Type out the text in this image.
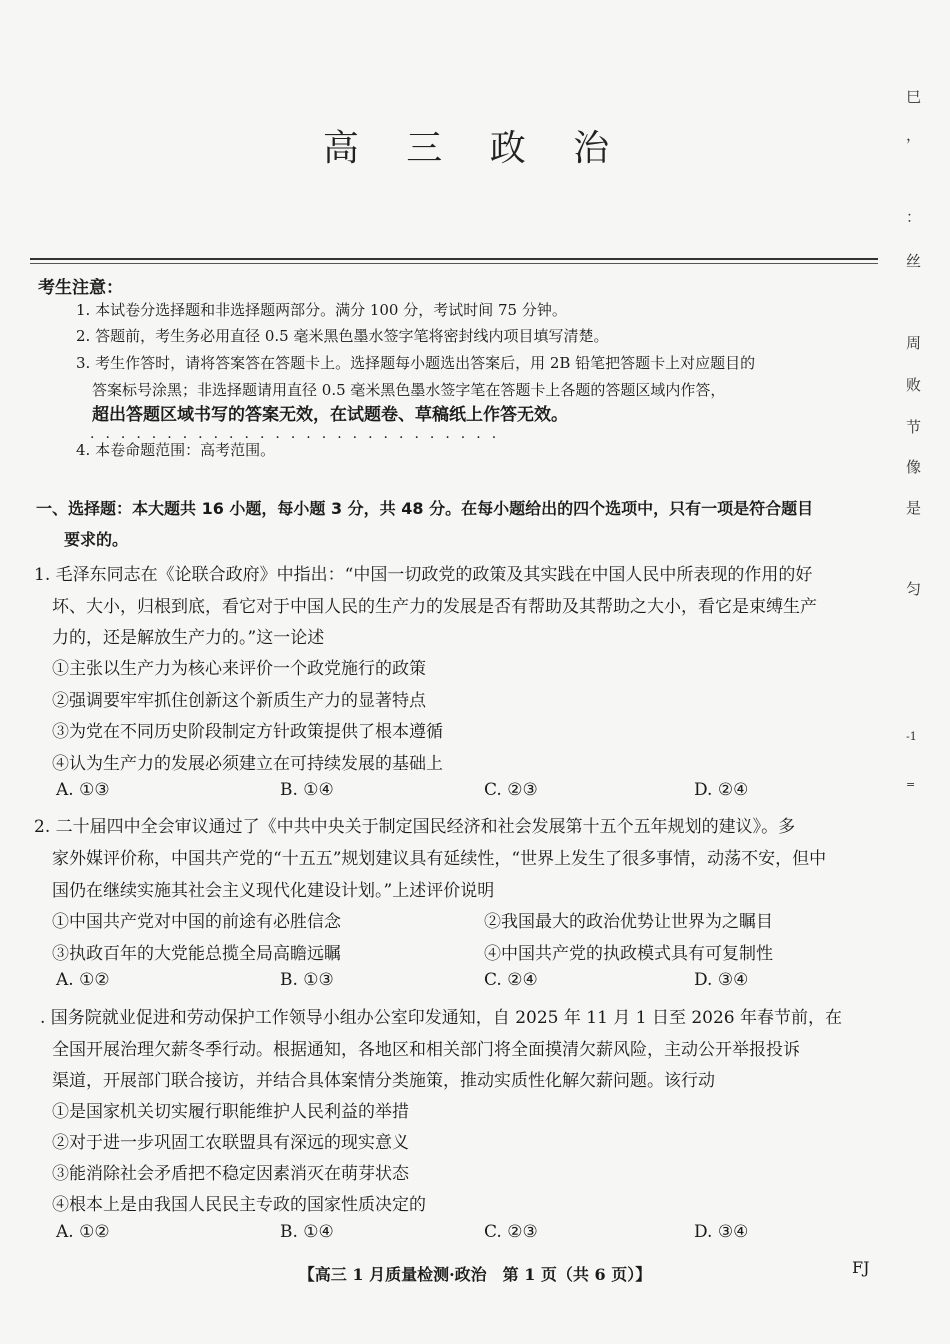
高 三 政 治
考生注意：
1. 本试卷分选择题和非选择题两部分。满分 100 分，考试时间 75 分钟。
2. 答题前，考生务必用直径 0.5 毫米黑色墨水签字笔将密封线内项目填写清楚。
3. 考生作答时，请将答案答在答题卡上。选择题每小题选出答案后，用 2B 铅笔把答题卡上对应题目的
答案标号涂黑；非选择题请用直径 0.5 毫米黑色墨水签字笔在答题卡上各题的答题区域内作答，
超出答题区域书写的答案无效，在试题卷、草稿纸上作答无效。
···························
4. 本卷命题范围：高考范围。
一、选择题：本大题共 16 小题，每小题 3 分，共 48 分。在每小题给出的四个选项中，只有一项是符合题目
要求的。
1. 毛泽东同志在《论联合政府》中指出：“中国一切政党的政策及其实践在中国人民中所表现的作用的好
坏、大小，归根到底，看它对于中国人民的生产力的发展是否有帮助及其帮助之大小，看它是束缚生产
力的，还是解放生产力的。”这一论述
①主张以生产力为核心来评价一个政党施行的政策
②强调要牢牢抓住创新这个新质生产力的显著特点
③为党在不同历史阶段制定方针政策提供了根本遵循
④认为生产力的发展必须建立在可持续发展的基础上
A. ①③	B. ①④	C. ②③	D. ②④
2. 二十届四中全会审议通过了《中共中央关于制定国民经济和社会发展第十五个五年规划的建议》。多
家外媒评价称，中国共产党的“十五五”规划建议具有延续性，“世界上发生了很多事情，动荡不安，但中
国仍在继续实施其社会主义现代化建设计划。”上述评价说明
①中国共产党对中国的前途有必胜信念	②我国最大的政治优势让世界为之瞩目
③执政百年的大党能总揽全局高瞻远瞩	④中国共产党的执政模式具有可复制性
A. ①②	B. ①③	C. ②④	D. ③④
. 国务院就业促进和劳动保护工作领导小组办公室印发通知，自 2025 年 11 月 1 日至 2026 年春节前，在
全国开展治理欠薪冬季行动。根据通知，各地区和相关部门将全面摸清欠薪风险，主动公开举报投诉
渠道，开展部门联合接访，并结合具体案情分类施策，推动实质性化解欠薪问题。该行动
①是国家机关切实履行职能维护人民利益的举措
②对于进一步巩固工农联盟具有深远的现实意义
③能消除社会矛盾把不稳定因素消灭在萌芽状态
④根本上是由我国人民民主专政的国家性质决定的
A. ①②	B. ①④	C. ②③	D. ③④
【高三 1 月质量检测·政治　第 1 页（共 6 页）】	FJ
巳
，
：
丝
周
败
节
像
是
匀
-1
=
